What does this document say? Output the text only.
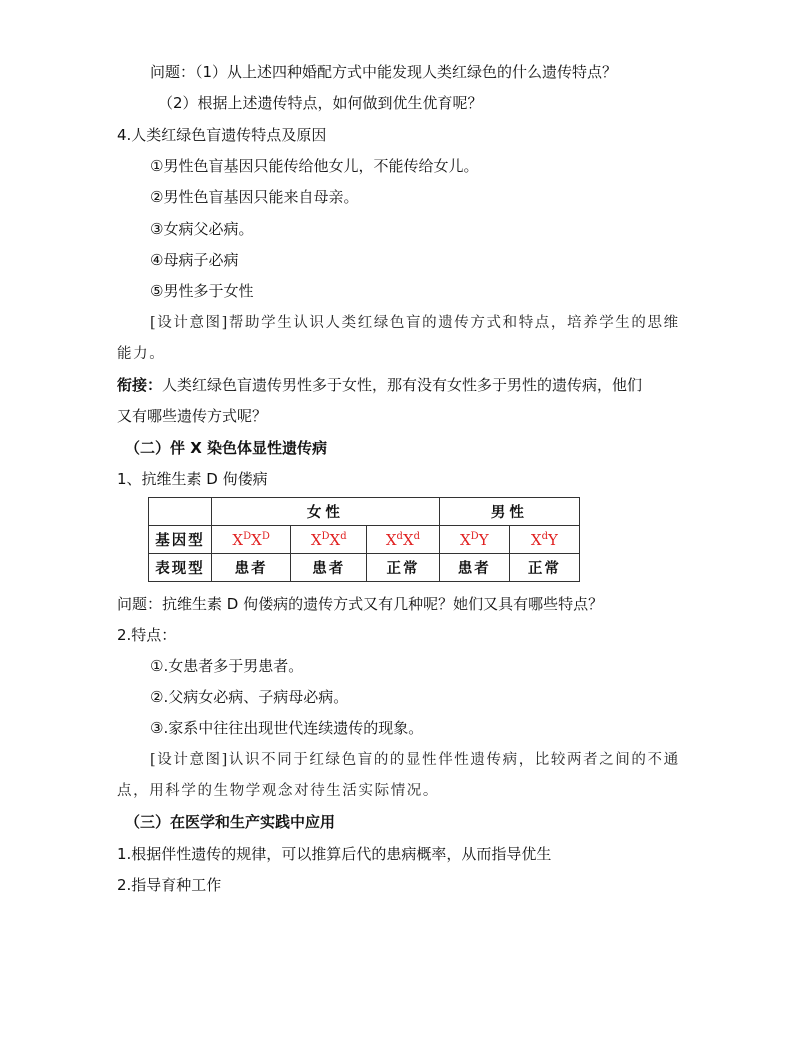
问题：（1）从上述四种婚配方式中能发现人类红绿色的什么遗传特点？
（2）根据上述遗传特点，如何做到优生优育呢？
4.人类红绿色盲遗传特点及原因
①男性色盲基因只能传给他女儿，不能传给女儿。
②男性色盲基因只能来自母亲。
③女病父必病。
④母病子必病
⑤男性多于女性
[设计意图]帮助学生认识人类红绿色盲的遗传方式和特点，培养学生的思维
能力。
衔接：人类红绿色盲遗传男性多于女性，那有没有女性多于男性的遗传病，他们
又有哪些遗传方式呢？
（二）伴 X 染色体显性遗传病
1、抗维生素 D 佝偻病
	女性			男性	
基因型	$X^DX^D$	$X^DX^d$	$X^dX^d$	$X^DY$	$X^dY$
表现型	患者	患者	正常	患者	正常
问题：抗维生素 D 佝偻病的遗传方式又有几种呢？她们又具有哪些特点？
2.特点：
①.女患者多于男患者。
②.父病女必病、子病母必病。
③.家系中往往出现世代连续遗传的现象。
[设计意图]认识不同于红绿色盲的的显性伴性遗传病，比较两者之间的不通
点，用科学的生物学观念对待生活实际情况。
（三）在医学和生产实践中应用
1.根据伴性遗传的规律，可以推算后代的患病概率，从而指导优生
2.指导育种工作
